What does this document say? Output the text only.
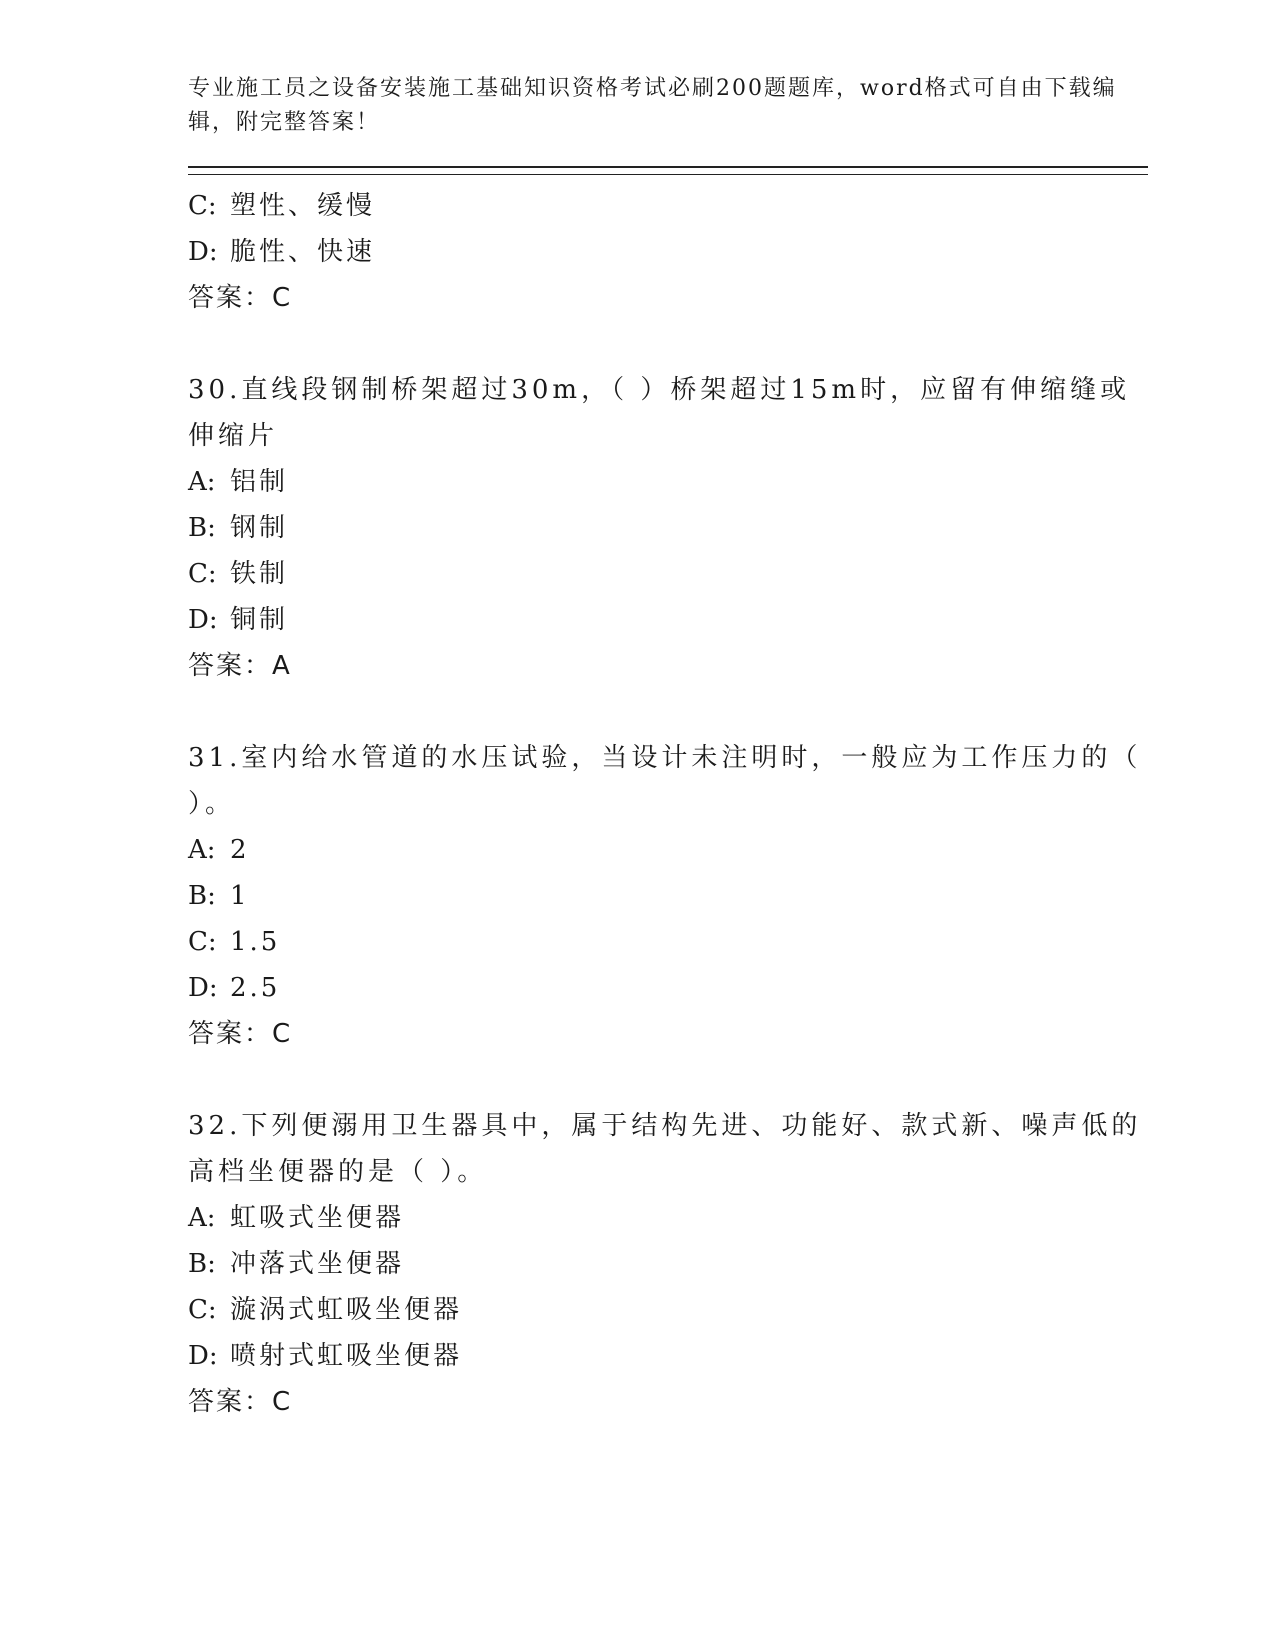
专业施工员之设备安装施工基础知识资格考试必刷200题题库，word格式可自由下载编辑，附完整答案！

C: 塑性、缓慢

D: 脆性、快速

答案：C

30.直线段钢制桥架超过30m，（ ）桥架超过15m时，应留有伸缩缝或伸缩片

A: 铝制

B: 钢制

C: 铁制

D: 铜制

答案：A

31.室内给水管道的水压试验，当设计未注明时，一般应为工作压力的（ ）。

A: 2

B: 1

C: 1.5

D: 2.5

答案：C

32.下列便溺用卫生器具中，属于结构先进、功能好、款式新、噪声低的高档坐便器的是（ ）。

A: 虹吸式坐便器

B: 冲落式坐便器

C: 漩涡式虹吸坐便器

D: 喷射式虹吸坐便器

答案：C
